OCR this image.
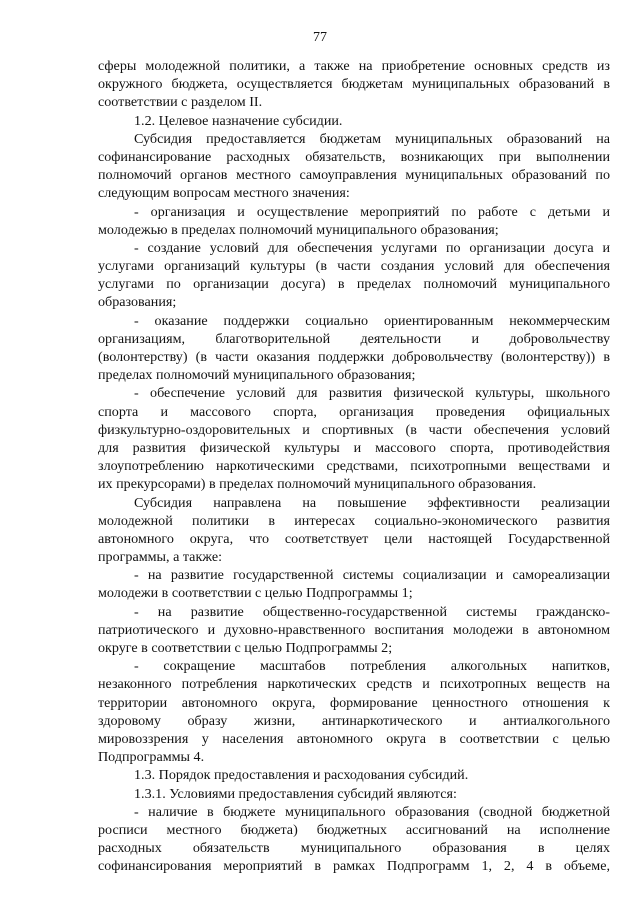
77
сферы молодежной политики, а также на приобретение основных средств из
окружного бюджета, осуществляется бюджетам муниципальных образований в
соответствии с разделом II.
1.2. Целевое назначение субсидии.
Субсидия предоставляется бюджетам муниципальных образований на
софинансирование расходных обязательств, возникающих при выполнении
полномочий органов местного самоуправления муниципальных образований по
следующим вопросам местного значения:
- организация и осуществление мероприятий по работе с детьми и
молодежью в пределах полномочий муниципального образования;
- создание условий для обеспечения услугами по организации досуга и
услугами организаций культуры (в части создания условий для обеспечения
услугами по организации досуга) в пределах полномочий муниципального
образования;
- оказание поддержки социально ориентированным некоммерческим
организациям, благотворительной деятельности и добровольчеству
(волонтерству) (в части оказания поддержки добровольчеству (волонтерству)) в
пределах полномочий муниципального образования;
- обеспечение условий для развития физической культуры, школьного
спорта и массового спорта, организация проведения официальных
физкультурно-оздоровительных и спортивных (в части обеспечения условий
для развития физической культуры и массового спорта, противодействия
злоупотреблению наркотическими средствами, психотропными веществами и
их прекурсорами) в пределах полномочий муниципального образования.
Субсидия направлена на повышение эффективности реализации
молодежной политики в интересах социально-экономического развития
автономного округа, что соответствует цели настоящей Государственной
программы, а также:
- на развитие государственной системы социализации и самореализации
молодежи в соответствии с целью Подпрограммы 1;
- на развитие общественно-государственной системы гражданско-
патриотического и духовно-нравственного воспитания молодежи в автономном
округе в соответствии с целью Подпрограммы 2;
- сокращение масштабов потребления алкогольных напитков,
незаконного потребления наркотических средств и психотропных веществ на
территории автономного округа, формирование ценностного отношения к
здоровому образу жизни, антинаркотического и антиалкогольного
мировоззрения у населения автономного округа в соответствии с целью
Подпрограммы 4.
1.3. Порядок предоставления и расходования субсидий.
1.3.1. Условиями предоставления субсидий являются:
- наличие в бюджете муниципального образования (сводной бюджетной
росписи местного бюджета) бюджетных ассигнований на исполнение
расходных обязательств муниципального образования в целях
софинансирования мероприятий в рамках Подпрограмм 1, 2, 4 в объеме,
